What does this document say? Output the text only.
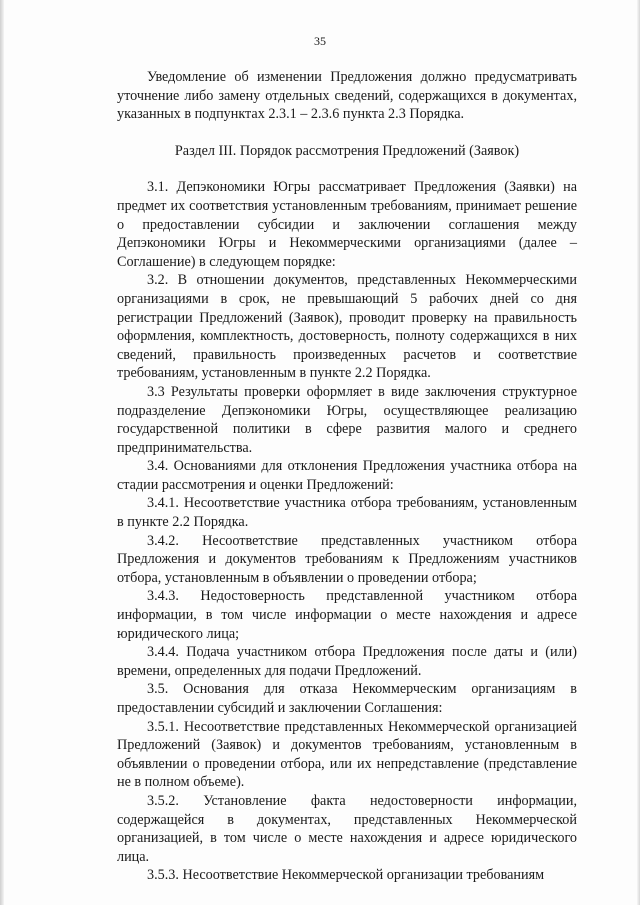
35

Уведомление об изменении Предложения должно предусматривать уточнение либо замену отдельных сведений, содержащихся в документах, указанных в подпунктах 2.3.1 – 2.3.6 пункта 2.3 Порядка.

Раздел III. Порядок рассмотрения Предложений (Заявок)

3.1. Депэкономики Югры рассматривает Предложения (Заявки) на предмет их соответствия установленным требованиям, принимает решение о предоставлении субсидии и заключении соглашения между Депэкономики Югры и Некоммерческими организациями (далее – Соглашение) в следующем порядке:

3.2. В отношении документов, представленных Некоммерческими организациями в срок, не превышающий 5 рабочих дней со дня регистрации Предложений (Заявок), проводит проверку на правильность оформления, комплектность, достоверность, полноту содержащихся в них сведений, правильность произведенных расчетов и соответствие требованиям, установленным в пункте 2.2 Порядка.

3.3 Результаты проверки оформляет в виде заключения структурное подразделение Депэкономики Югры, осуществляющее реализацию государственной политики в сфере развития малого и среднего предпринимательства.

3.4. Основаниями для отклонения Предложения участника отбора на стадии рассмотрения и оценки Предложений:

3.4.1. Несоответствие участника отбора требованиям, установленным в пункте 2.2 Порядка.

3.4.2. Несоответствие представленных участником отбора Предложения и документов требованиям к Предложениям участников отбора, установленным в объявлении о проведении отбора;

3.4.3. Недостоверность представленной участником отбора информации, в том числе информации о месте нахождения и адресе юридического лица;

3.4.4. Подача участником отбора Предложения после даты и (или) времени, определенных для подачи Предложений.

3.5. Основания для отказа Некоммерческим организациям в предоставлении субсидий и заключении Соглашения:

3.5.1. Несоответствие представленных Некоммерческой организацией Предложений (Заявок) и документов требованиям, установленным в объявлении о проведении отбора, или их непредставление (представление не в полном объеме).

3.5.2. Установление факта недостоверности информации, содержащейся в документах, представленных Некоммерческой организацией, в том числе о месте нахождения и адресе юридического лица.

3.5.3. Несоответствие Некоммерческой организации требованиям
